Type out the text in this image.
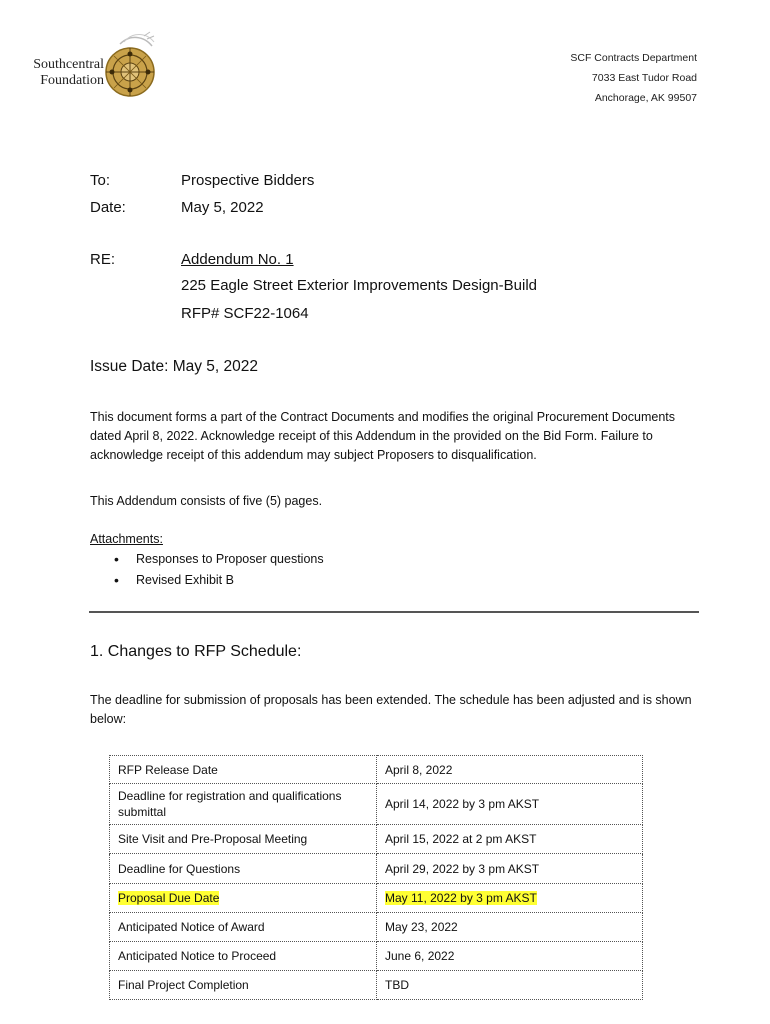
Southcentral
Foundation
SCF Contracts Department
7033 East Tudor Road
Anchorage, AK 99507
To:	Prospective Bidders
Date:	May 5, 2022
RE:	Addendum No. 1
225 Eagle Street Exterior Improvements Design-Build
RFP# SCF22-1064
Issue Date: May 5, 2022
This document forms a part of the Contract Documents and modifies the original Procurement Documents dated April 8, 2022. Acknowledge receipt of this Addendum in the provided on the Bid Form. Failure to acknowledge receipt of this addendum may subject Proposers to disqualification.
This Addendum consists of five (5) pages.
Attachments:
• Responses to Proposer questions
• Revised Exhibit B
1. Changes to RFP Schedule:
The deadline for submission of proposals has been extended. The schedule has been adjusted and is shown below:
RFP Release Date	April 8, 2022
Deadline for registration and qualifications submittal	April 14, 2022 by 3 pm AKST
Site Visit and Pre-Proposal Meeting	April 15, 2022 at 2 pm AKST
Deadline for Questions	April 29, 2022 by 3 pm AKST
Proposal Due Date	May 11, 2022 by 3 pm AKST
Anticipated Notice of Award	May 23, 2022
Anticipated Notice to Proceed	June 6, 2022
Final Project Completion	TBD
